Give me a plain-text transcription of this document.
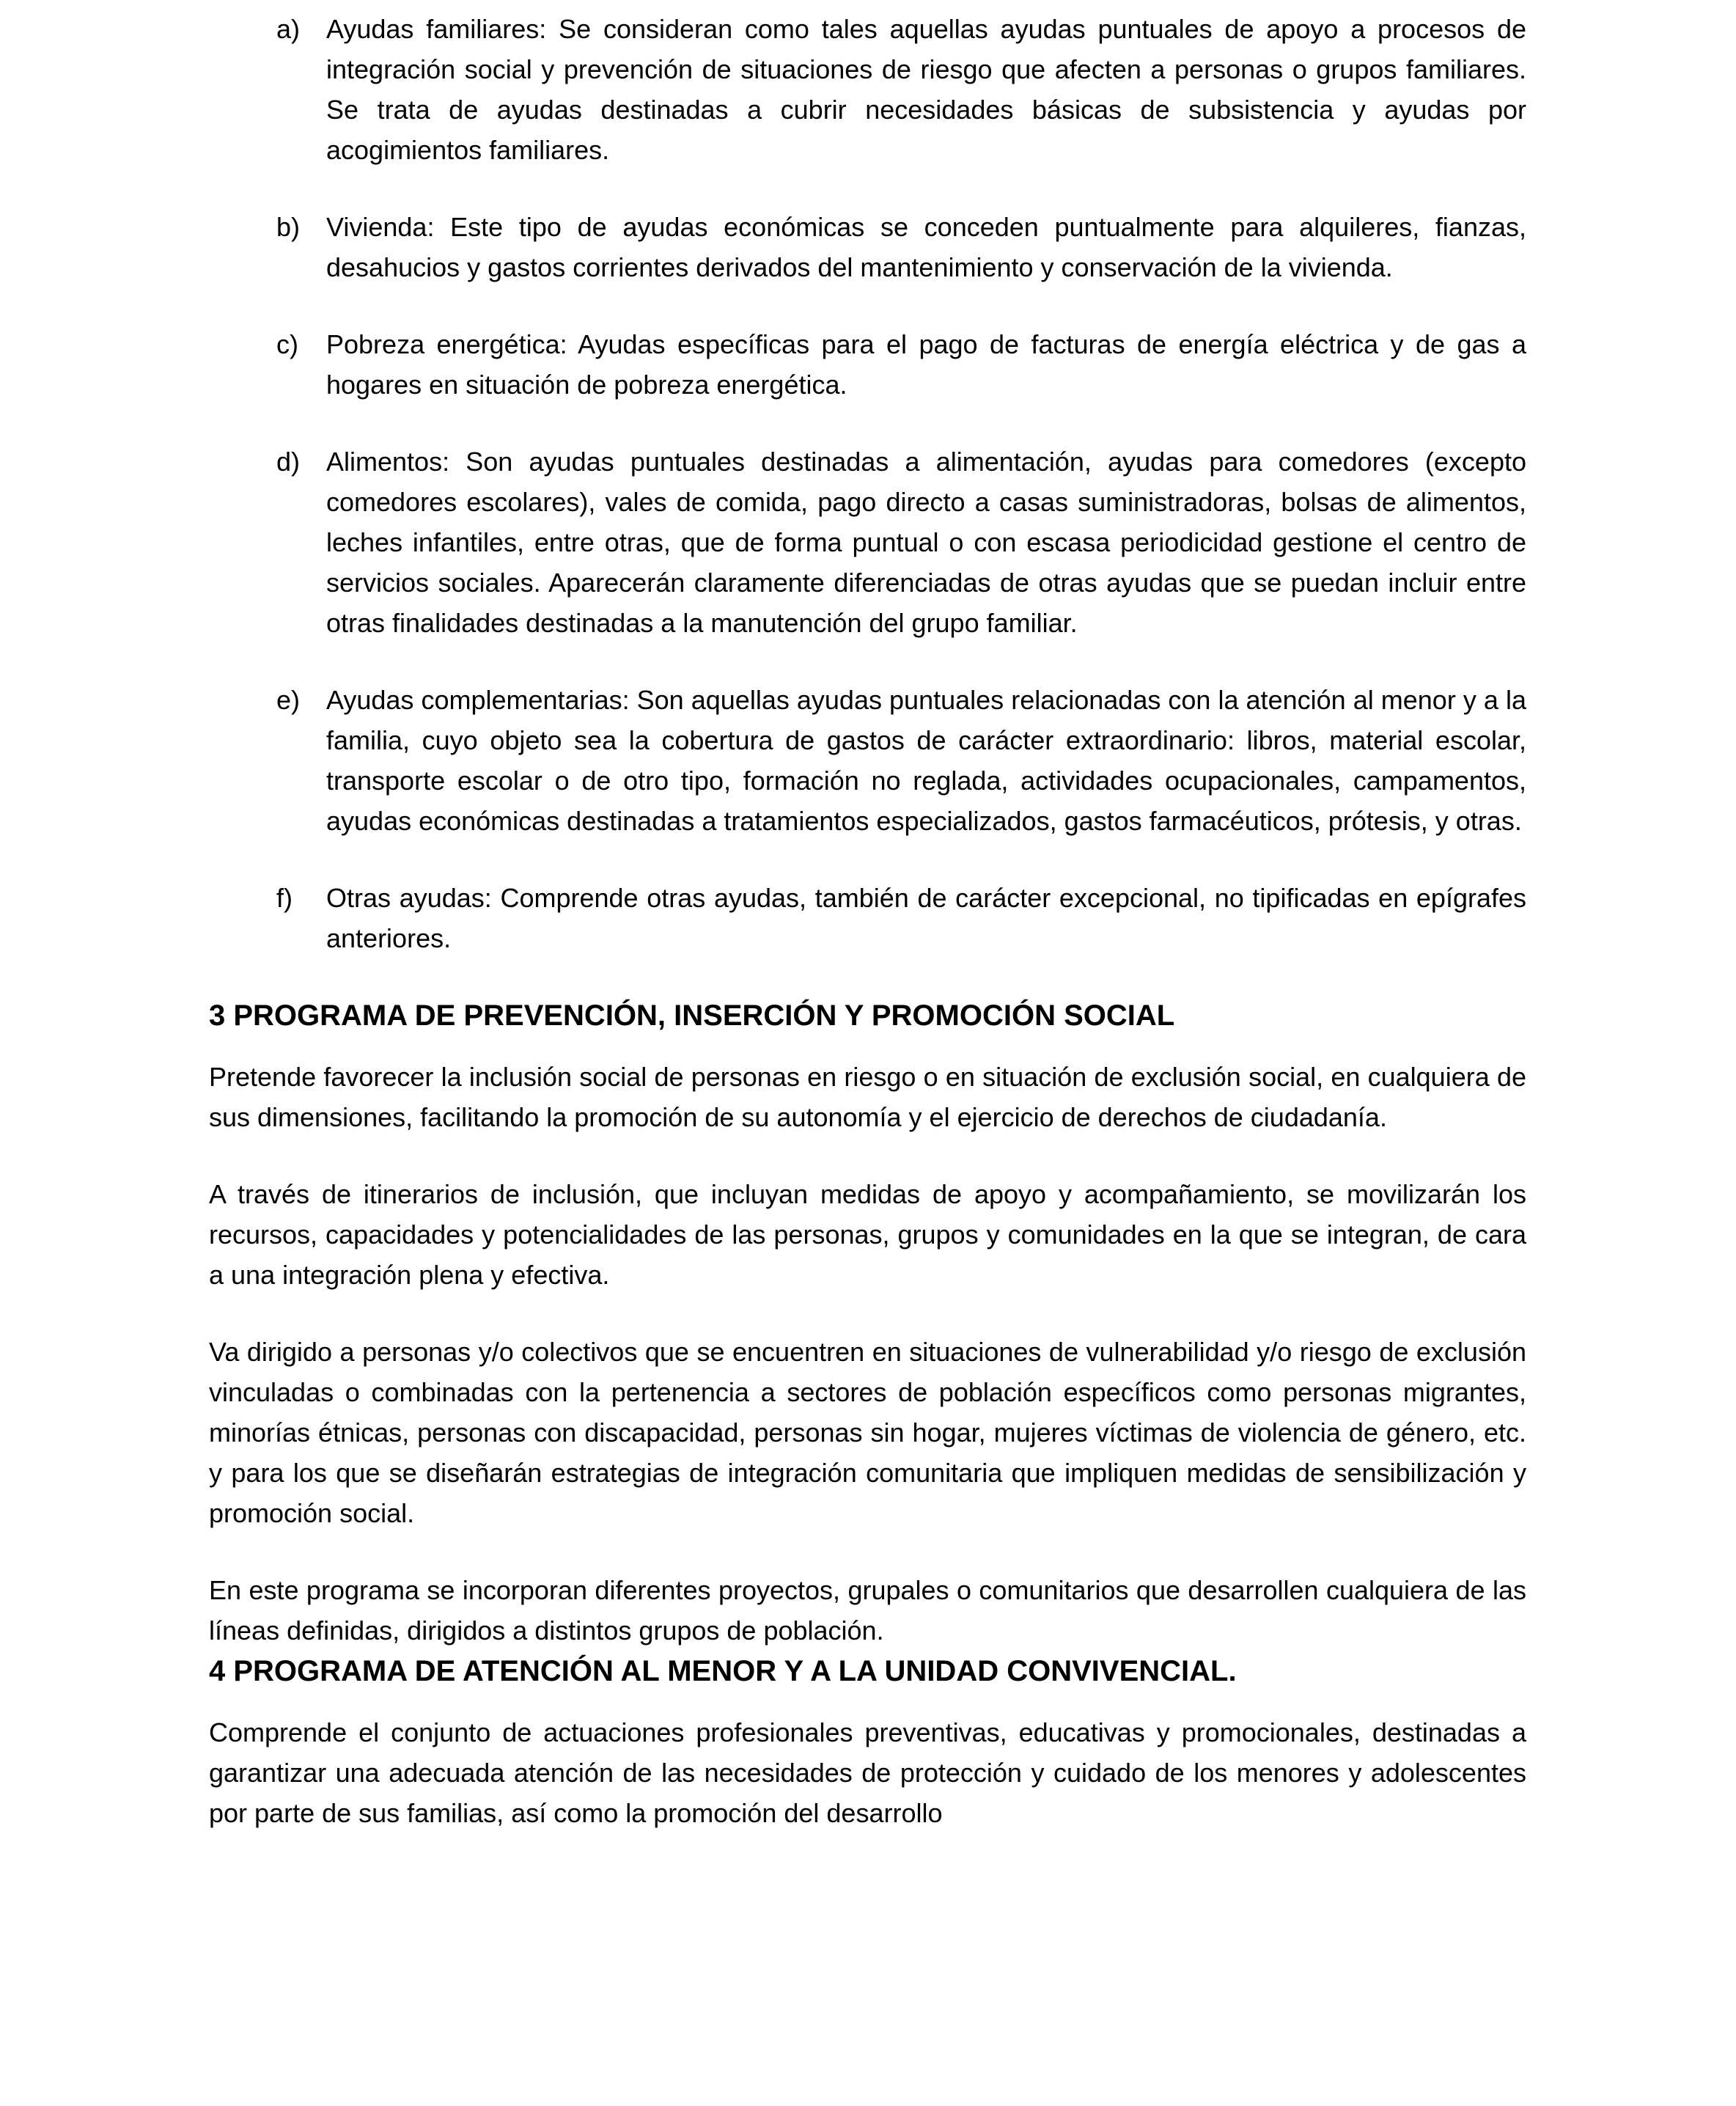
a) Ayudas familiares: Se consideran como tales aquellas ayudas puntuales de apoyo a procesos de integración social y prevención de situaciones de riesgo que afecten a personas o grupos familiares. Se trata de ayudas destinadas a cubrir necesidades básicas de subsistencia y ayudas por acogimientos familiares.
b) Vivienda: Este tipo de ayudas económicas se conceden puntualmente para alquileres, fianzas, desahucios y gastos corrientes derivados del mantenimiento y conservación de la vivienda.
c) Pobreza energética: Ayudas específicas para el pago de facturas de energía eléctrica y de gas a hogares en situación de pobreza energética.
d) Alimentos: Son ayudas puntuales destinadas a alimentación, ayudas para comedores (excepto comedores escolares), vales de comida, pago directo a casas suministradoras, bolsas de alimentos, leches infantiles, entre otras, que de forma puntual o con escasa periodicidad gestione el centro de servicios sociales. Aparecerán claramente diferenciadas de otras ayudas que se puedan incluir entre otras finalidades destinadas a la manutención del grupo familiar.
e) Ayudas complementarias: Son aquellas ayudas puntuales relacionadas con la atención al menor y a la familia, cuyo objeto sea la cobertura de gastos de carácter extraordinario: libros, material escolar, transporte escolar o de otro tipo, formación no reglada, actividades ocupacionales, campamentos, ayudas económicas destinadas a tratamientos especializados, gastos farmacéuticos, prótesis, y otras.
f) Otras ayudas: Comprende otras ayudas, también de carácter excepcional, no tipificadas en epígrafes anteriores.
3 PROGRAMA DE PREVENCIÓN, INSERCIÓN Y PROMOCIÓN SOCIAL

Pretende favorecer la inclusión social de personas en riesgo o en situación de exclusión social, en cualquiera de sus dimensiones, facilitando la promoción de su autonomía y el ejercicio de derechos de ciudadanía.

A través de itinerarios de inclusión, que incluyan medidas de apoyo y acompañamiento, se movilizarán los recursos, capacidades y potencialidades de las personas, grupos y comunidades en la que se integran, de cara a una integración plena y efectiva.

Va dirigido a personas y/o colectivos que se encuentren en situaciones de vulnerabilidad y/o riesgo de exclusión vinculadas o combinadas con la pertenencia a sectores de población específicos como personas migrantes, minorías étnicas, personas con discapacidad, personas sin hogar, mujeres víctimas de violencia de género, etc. y para los que se diseñarán estrategias de integración comunitaria que impliquen medidas de sensibilización y promoción social.

En este programa se incorporan diferentes proyectos, grupales o comunitarios que desarrollen cualquiera de las líneas definidas, dirigidos a distintos grupos de población.

4 PROGRAMA DE ATENCIÓN AL MENOR Y A LA UNIDAD CONVIVENCIAL.

Comprende el conjunto de actuaciones profesionales preventivas, educativas y promocionales, destinadas a garantizar una adecuada atención de las necesidades de protección y cuidado de los menores y adolescentes por parte de sus familias, así como la promoción del desarrollo
